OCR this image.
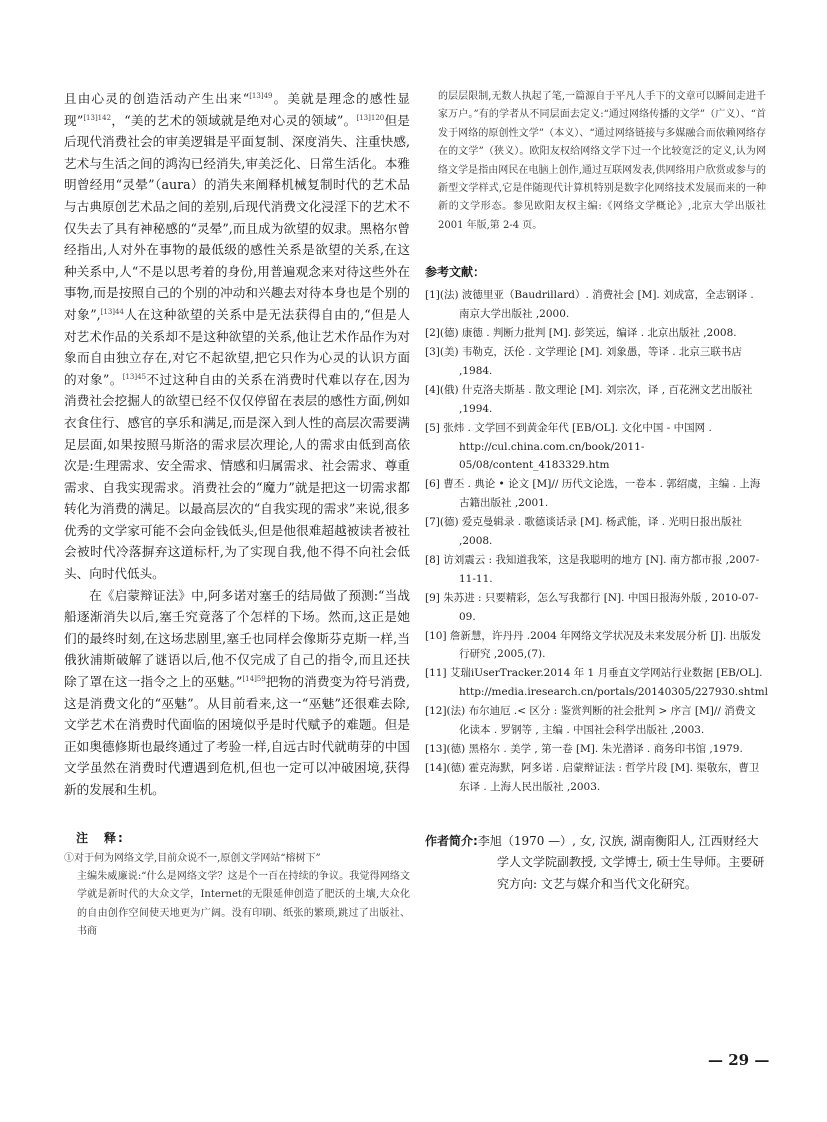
且由心灵的创造活动产生出来“$^{[13]49}$。美就是理念的感性显现”$^{[13]142}$，“美的艺术的领域就是绝对心灵的领域”。$^{[13]120}$但是后现代消费社会的审美逻辑是平面复制、深度消失、注重快感,艺术与生活之间的鸿沟已经消失,审美泛化、日常生活化。本雅明曾经用“灵晕”（aura）的消失来阐释机械复制时代的艺术品与古典原创艺术品之间的差别,后现代消费文化浸淫下的艺术不仅失去了具有神秘感的“灵晕”,而且成为欲望的奴隶。黑格尔曾经指出,人对外在事物的最低级的感性关系是欲望的关系,在这种关系中,人“不是以思考着的身份,用普遍观念来对待这些外在事物,而是按照自己的个别的冲动和兴趣去对待本身也是个别的对象”,$^{[13]44}$人在这种欲望的关系中是无法获得自由的,“但是人对艺术作品的关系却不是这种欲望的关系,他让艺术作品作为对象而自由独立存在,对它不起欲望,把它只作为心灵的认识方面的对象”。$^{[13]45}$不过这种自由的关系在消费时代难以存在,因为消费社会挖掘人的欲望已经不仅仅停留在表层的感性方面,例如衣食住行、感官的享乐和满足,而是深入到人性的高层次需要满足层面,如果按照马斯洛的需求层次理论,人的需求由低到高依次是:生理需求、安全需求、情感和归属需求、社会需求、尊重需求、自我实现需求。消费社会的“魔力”就是把这一切需求都转化为消费的满足。以最高层次的“自我实现的需求”来说,很多优秀的文学家可能不会向金钱低头,但是他很难超越被读者被社会被时代冷落摒弃这道标杆,为了实现自我,他不得不向社会低头、向时代低头。

在《启蒙辩证法》中,阿多诺对塞壬的结局做了预测:“当战船逐渐消失以后,塞壬究竟落了个怎样的下场。然而,这正是她们的最终时刻,在这场悲剧里,塞壬也同样会像斯芬克斯一样,当俄狄浦斯破解了谜语以后,他不仅完成了自己的指令,而且还扶除了罩在这一指令之上的巫魅。”$^{[14]59}$把物的消费变为符号消费,这是消费文化的“巫魅”。从目前看来,这一“巫魅”还很难去除,文学艺术在消费时代面临的困境似乎是时代赋予的难题。但是正如奥德修斯也最终通过了考验一样,自远古时代就萌芽的中国文学虽然在消费时代遭遇到危机,但也一定可以冲破困境,获得新的发展和生机。

注　释:

①对于何为网络文学,目前众说不一,原创文学网站“榕树下”

主编朱威廉说:“什么是网络文学？这是个一百在持续的争议。我觉得网络文学就是新时代的大众文学，Internet的无限延伸创造了肥沃的土壤,大众化的自由创作空间使天地更为广阔。没有印刷、纸张的繁琐,跳过了出版社、书商

的层层限制,无数人执起了笔,一篇源自于平凡人手下的文章可以瞬间走进千家万户。”有的学者从不同层面去定义:“通过网络传播的文学”（广义）、“首发于网络的原创性文学”（本义）、“通过网络链接与多媒融合而依赖网络存在的文学”（狭义）。欧阳友权给网络文学下过一个比较宽泛的定义,认为网络文学是指由网民在电脑上创作,通过互联网发表,供网络用户欣赏或参与的新型文学样式,它是伴随现代计算机特别是数字化网络技术发展而来的一种新的文学形态。参见欧阳友权主编:《网络文学概论》,北京大学出版社 2001 年版,第 2-4 页。

参考文献：
[1](法) 波德里亚（Baudrillard）. 消费社会 [M]. 刘成富，全志钢译 . 南京大学出版社 ,2000.
[2](德) 康德 . 判断力批判 [M]. 彭笑远，编译 . 北京出版社 ,2008.
[3](美) 韦勒克，沃伦 . 文学理论 [M]. 刘象愚，等译 . 北京三联书店 ,1984.
[4](俄) 什克洛夫斯基 . 散文理论 [M]. 刘宗次，译 , 百花洲文艺出版社 ,1994.
[5] 张炜 . 文学回不到黄金年代 [EB/OL]. 文化中国 - 中国网 . http://cul.china.com.cn/book/2011-05/08/content_4183329.htm
[6] 曹丕 . 典论 • 论文 [M]// 历代文论选，一卷本 . 郭绍虞，主编 . 上海古籍出版社 ,2001.
[7](德) 爱克曼辑录 . 歌德谈话录 [M]. 杨武能，译 . 光明日报出版社 ,2008.
[8] 访刘震云 : 我知道我笨，这是我聪明的地方 [N]. 南方都市报 ,2007-11-11.
[9] 朱苏进 : 只要精彩，怎么写我都行 [N]. 中国日报海外版 , 2010-07-09.
[10] 詹新慧，许丹丹 .2004 年网络文学状况及未来发展分析 [J]. 出版发行研究 ,2005,(7).
[11] 艾瑞iUserTracker.2014 年 1 月垂直文学网站行业数据 [EB/OL]. http://media.iresearch.cn/portals/20140305/227930.shtml
[12](法) 布尔迪厄 .< 区分 : 鉴赏判断的社会批判 > 序言 [M]// 消费文化读本 . 罗钢等 , 主编 . 中国社会科学出版社 ,2003.
[13](德) 黑格尔 . 美学 , 第一卷 [M]. 朱光潜译 . 商务印书馆 ,1979.
[14](德) 霍克海默，阿多诺 . 启蒙辩证法 : 哲学片段 [M]. 渠敬东，曹卫东译 . 上海人民出版社 ,2003.
作者简介:李旭（1970 —）, 女, 汉族, 湖南衡阳人, 江西财经大学人文学院副教授, 文学博士, 硕士生导师。主要研究方向: 文艺与媒介和当代文化研究。
— 29 —
